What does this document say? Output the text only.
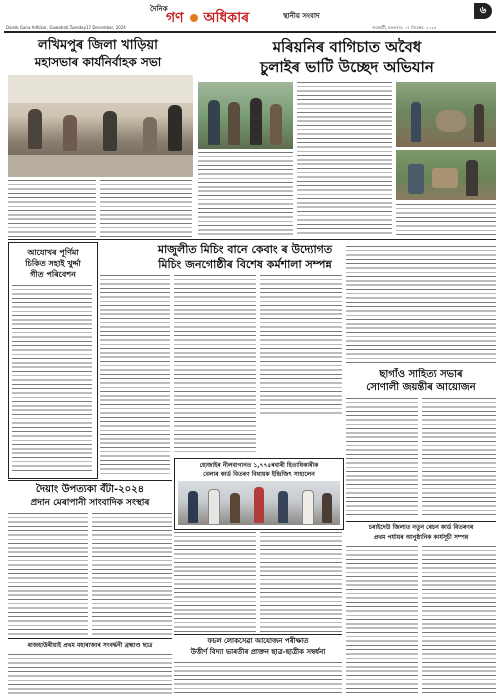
দৈনিক
গণ অধিকাৰ	স্থানীয় সংবাদ	৬
Dainik Gana Adhikar, Guwahati,Tuesday17 December, 2024	গুৱাহাটী, মঙলবাৰ, ১৭ ডিচেম্বৰ, ২০২৪
লখিমপুৰ জিলা খাড়িয়া
মহাসভাৰ কাৰ্যনিৰ্বাহক সভা
মৰিয়নিৰ বাগিচাত অবৈধ
চুলাইৰ ভাটি উচ্ছেদ অভিযান
মাজুলীত মিচিং বানে কেবাং ৰ উদ্যোগত
মিচিং জনগোষ্ঠীৰ বিশেষ কৰ্মশালা সম্পন্ন
আযোখৰ পূৰ্ণিমা
চিকিত সহাই খুৰ্দ্দা
গীত পৰিবেশন
ছাগাঁও সাহিত্য সভাৰ
সোণালী জয়ন্তীৰ আয়োজন
হোজাইৰ নীলবাগানত ১,৭৭৫ৰবাৰী হিতাধিকাৰীক
বেলাৰ কাৰ্ড বিতৰণ বিধায়ক ইন্দ্ৰিজিৎ সাহালেন
দৈয়াং উপত্যকা বঁটা-২০২৪
প্ৰদান মেৰাপানী সাংবাদিক সংস্থাৰ
চৰাইদেউ জিলাত নতুন ৰেচন কাৰ্ড বিতৰণৰ
প্ৰথম পৰ্যায়ৰ আনুষ্ঠানিক কাৰ্যসূচী সম্পন্ন
ফচল লোকসেৱা আযোজন পৰীক্ষাত
উত্তীৰ্ণ বিদ্যা ভাৰতীৰ প্ৰাক্তন ছাত্ৰ-ছাত্ৰীক সম্বৰ্ধনা
ৰাজহাউৰীয়াই প্ৰথম মহাৰাজাৰ সংবৰ্দ্ধনী ব্ৰহ্মাণ্ড ছাত্ৰ
